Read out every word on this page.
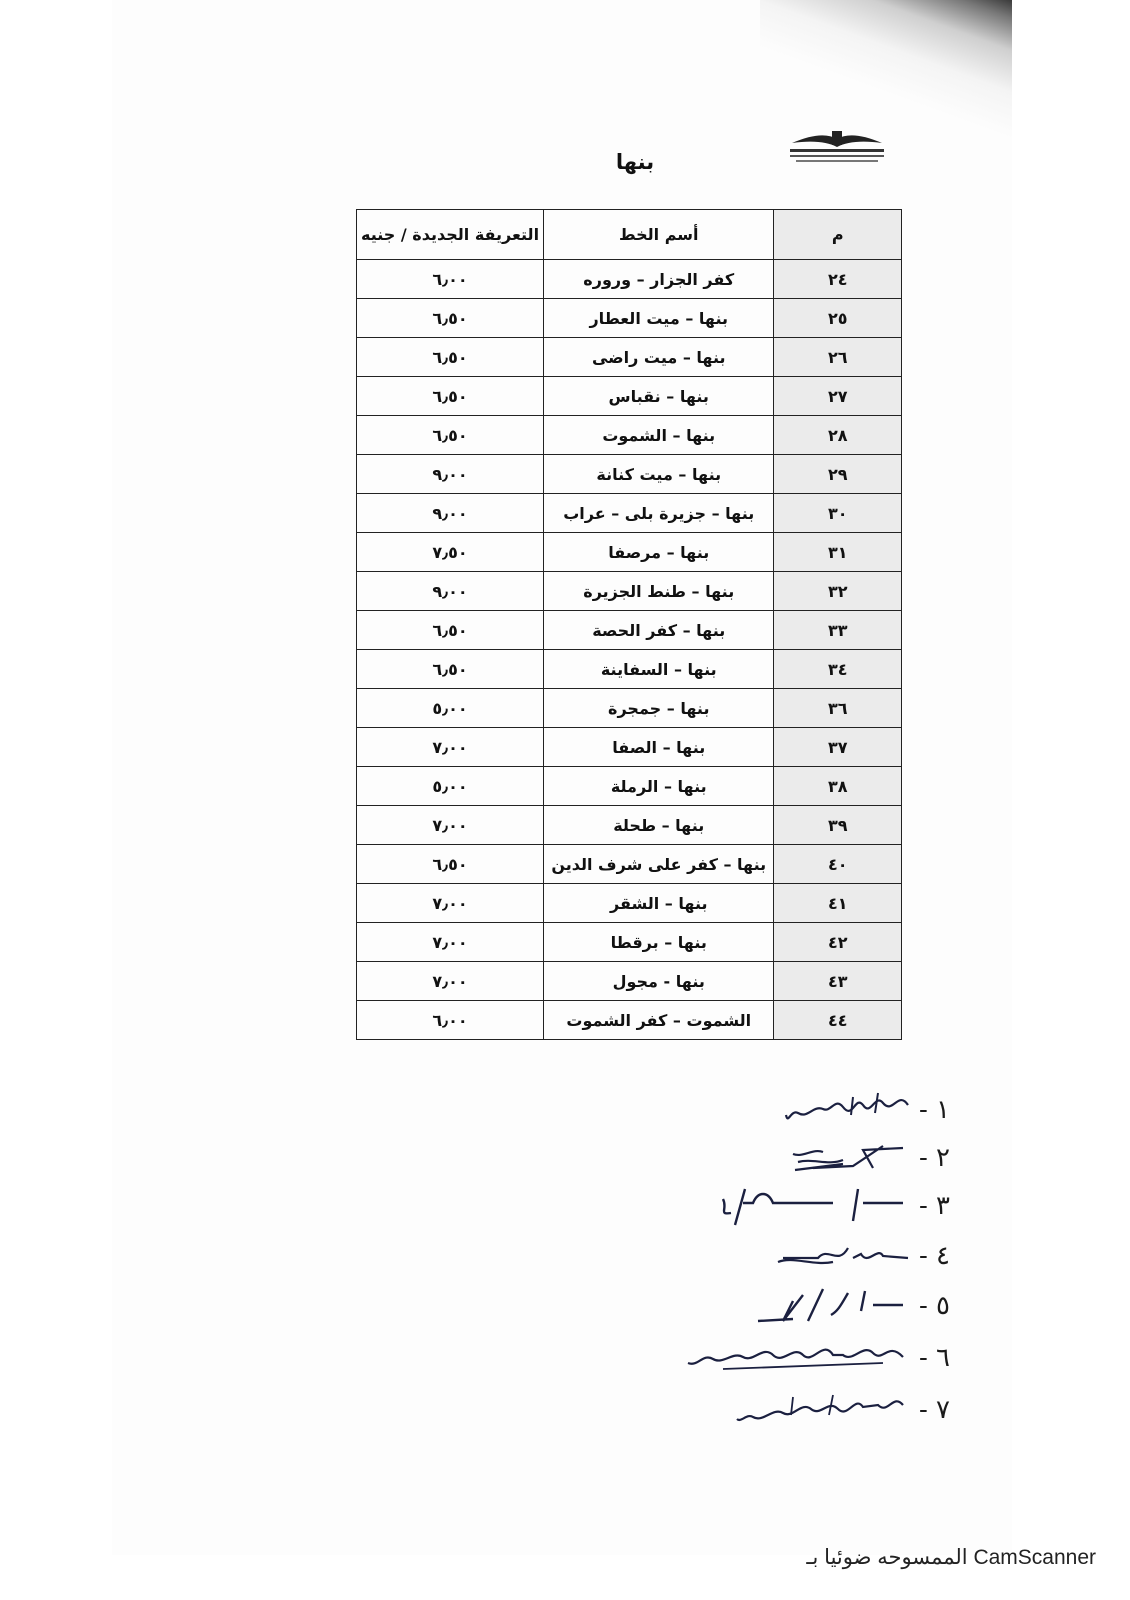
بنها
م	أسم الخط	التعريفة الجديدة / جنيه
٢٤	كفر الجزار – وروره	٦٫٠٠
٢٥	بنها – ميت العطار	٦٫٥٠
٢٦	بنها – ميت راضى	٦٫٥٠
٢٧	بنها – نقباس	٦٫٥٠
٢٨	بنها – الشموت	٦٫٥٠
٢٩	بنها – ميت كنانة	٩٫٠٠
٣٠	بنها – جزيرة بلى – عراب	٩٫٠٠
٣١	بنها – مرصفا	٧٫٥٠
٣٢	بنها – طنط الجزيرة	٩٫٠٠
٣٣	بنها – كفر الحصة	٦٫٥٠
٣٤	بنها – السفاينة	٦٫٥٠
٣٦	بنها – جمجرة	٥٫٠٠
٣٧	بنها – الصفا	٧٫٠٠
٣٨	بنها – الرملة	٥٫٠٠
٣٩	بنها – طحلة	٧٫٠٠
٤٠	بنها – كفر على شرف الدين	٦٫٥٠
٤١	بنها – الشقر	٧٫٠٠
٤٢	بنها – برقطا	٧٫٠٠
٤٣	بنها - مجول	٧٫٠٠
٤٤	الشموت – كفر الشموت	٦٫٠٠
١ -
٢ -
٣ -
٤ -
٥ -
٦ -
٧ -
الممسوحه ضوئيا بـ CamScanner
